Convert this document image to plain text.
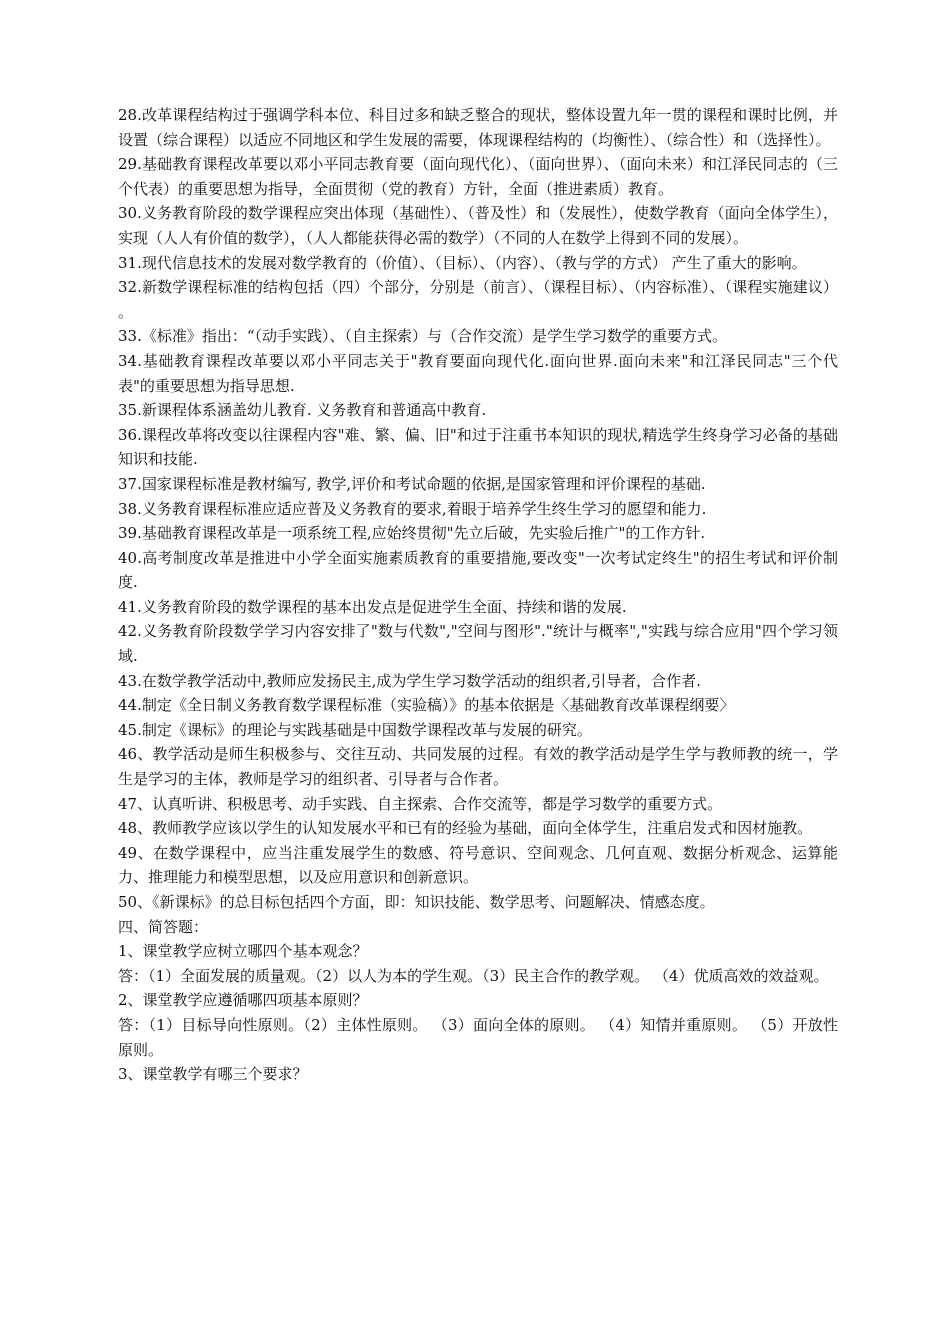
28.改革课程结构过于强调学科本位、科目过多和缺乏整合的现状，整体设置九年一贯的课程和课时比例，并设置（综合课程）以适应不同地区和学生发展的需要，体现课程结构的（均衡性）、（综合性）和（选择性）。

29.基础教育课程改革要以邓小平同志教育要（面向现代化）、（面向世界）、（面向未来）和江泽民同志的（三个代表）的重要思想为指导，全面贯彻（党的教育）方针，全面（推进素质）教育。

30.义务教育阶段的数学课程应突出体现（基础性）、（普及性）和（发展性），使数学教育（面向全体学生），实现（人人有价值的数学），（人人都能获得必需的数学）（不同的人在数学上得到不同的发展）。

31.现代信息技术的发展对数学教育的（价值）、（目标）、（内容）、（教与学的方式） 产生了重大的影响。

32.新数学课程标准的结构包括（四）个部分，分别是（前言）、（课程目标）、（内容标准）、（课程实施建议） 。

33.《标准》指出：“（动手实践）、（自主探索）与（合作交流）是学生学习数学的重要方式。

34.基础教育课程改革要以邓小平同志关于"教育要面向现代化.面向世界.面向未来"和江泽民同志"三个代表"的重要思想为指导思想.

35.新课程体系涵盖幼儿教育. 义务教育和普通高中教育.

36.课程改革将改变以往课程内容"难、繁、偏、旧"和过于注重书本知识的现状,精选学生终身学习必备的基础知识和技能.

37.国家课程标准是教材编写, 教学,评价和考试命题的依据,是国家管理和评价课程的基础.

38.义务教育课程标准应适应普及义务教育的要求,着眼于培养学生终生学习的愿望和能力.

39.基础教育课程改革是一项系统工程,应始终贯彻"先立后破，先实验后推广"的工作方针.

40.高考制度改革是推进中小学全面实施素质教育的重要措施,要改变"一次考试定终生"的招生考试和评价制度.

41.义务教育阶段的数学课程的基本出发点是促进学生全面、持续和谐的发展.

42.义务教育阶段数学学习内容安排了"数与代数","空间与图形"."统计与概率","实践与综合应用"四个学习领域.

43.在数学教学活动中,教师应发扬民主,成为学生学习数学活动的组织者,引导者，合作者.

44.制定《全日制义务教育数学课程标准（实验稿）》的基本依据是〈基础教育改革课程纲要〉

45.制定《课标》的理论与实践基础是中国数学课程改革与发展的研究。

46、教学活动是师生积极参与、交往互动、共同发展的过程。有效的教学活动是学生学与教师教的统一，学生是学习的主体，教师是学习的组织者、引导者与合作者。

47、认真听讲、积极思考、动手实践、自主探索、合作交流等，都是学习数学的重要方式。

48、教师教学应该以学生的认知发展水平和已有的经验为基础，面向全体学生，注重启发式和因材施教。

49、在数学课程中，应当注重发展学生的数感、符号意识、空间观念、几何直观、数据分析观念、运算能力、推理能力和模型思想，以及应用意识和创新意识。

50、《新课标》的总目标包括四个方面，即：知识技能、数学思考、问题解决、情感态度。

四、简答题：

1、课堂教学应树立哪四个基本观念？

答：（1）全面发展的质量观。（2）以人为本的学生观。（3）民主合作的教学观。 （4）优质高效的效益观。

2、课堂教学应遵循哪四项基本原则？

答：（1）目标导向性原则。（2）主体性原则。 （3）面向全体的原则。 （4）知情并重原则。 （5）开放性原则。

3、课堂教学有哪三个要求？
